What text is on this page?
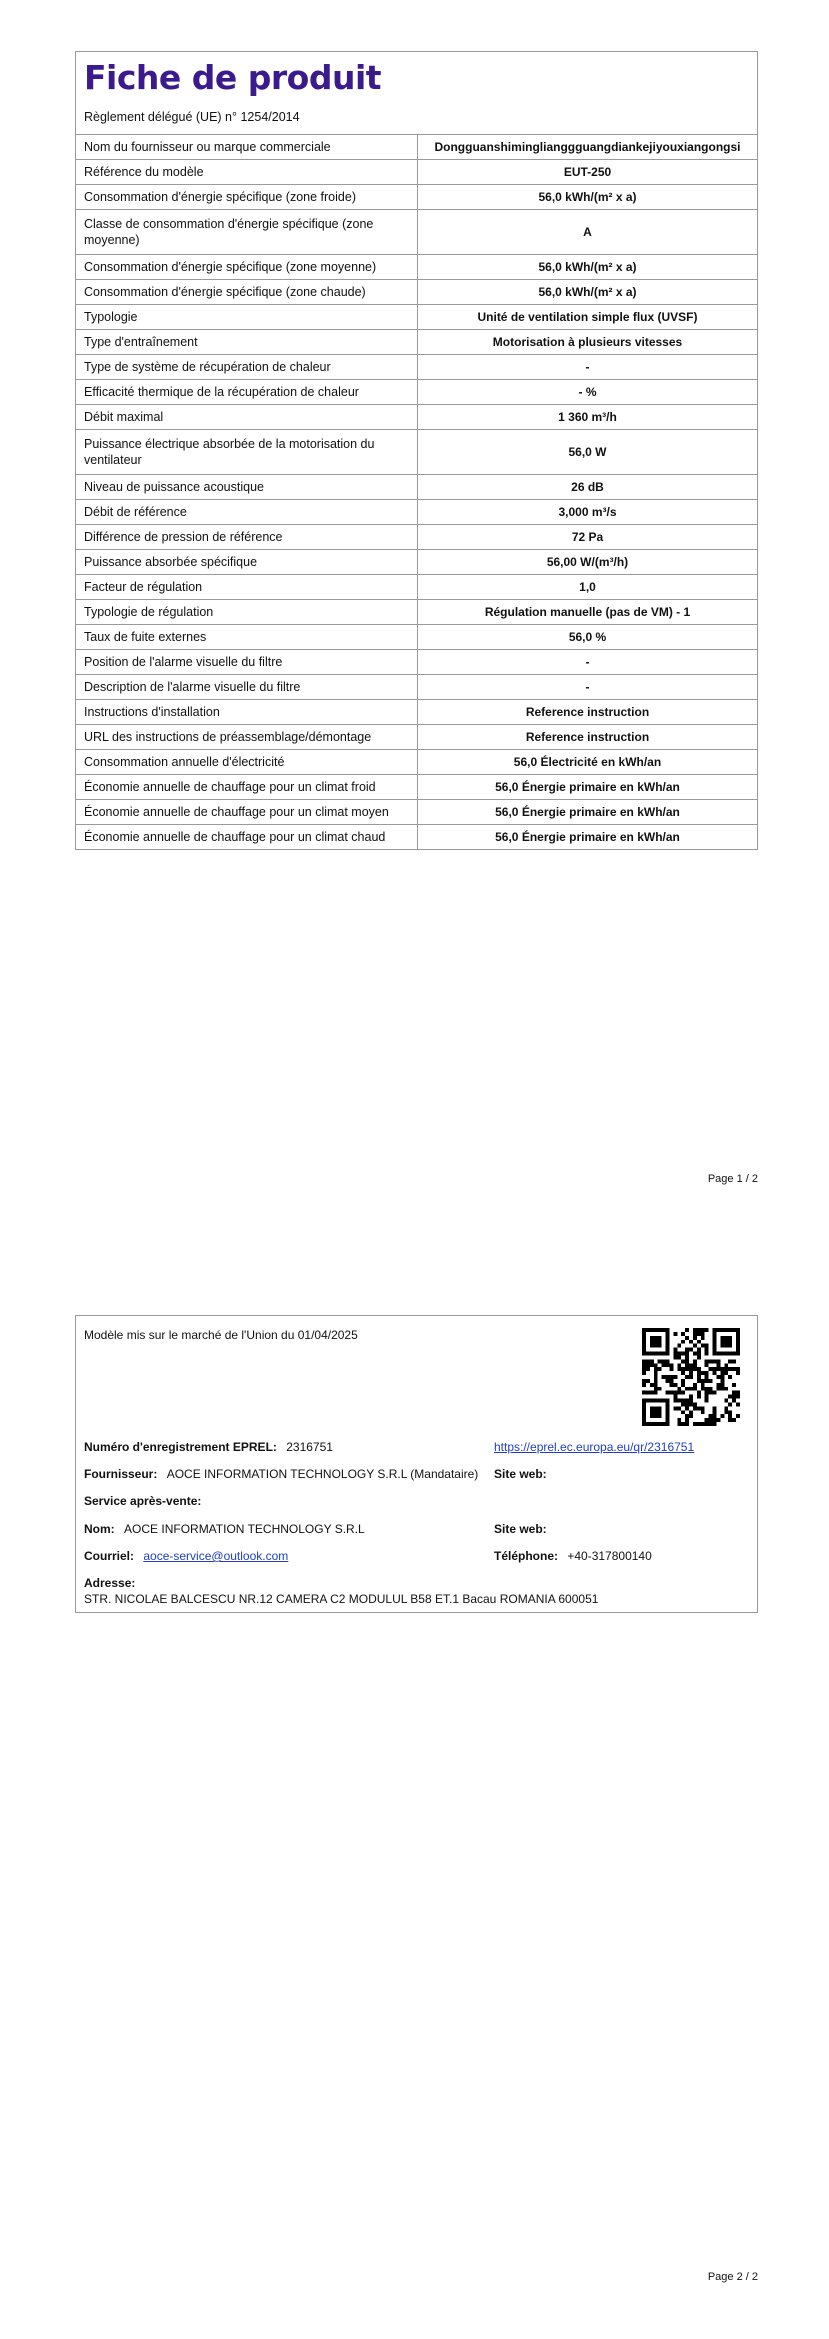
Fiche de produit
Règlement délégué (UE) n° 1254/2014
Nom du fournisseur ou marque commerciale	Dongguanshiminglianggguangdiankejiyouxiangongsi
Référence du modèle	EUT-250
Consommation d'énergie spécifique (zone froide)	56,0 kWh/(m² x a)
Classe de consommation d'énergie spécifique (zone moyenne)	A
Consommation d'énergie spécifique (zone moyenne)	56,0 kWh/(m² x a)
Consommation d'énergie spécifique (zone chaude)	56,0 kWh/(m² x a)
Typologie	Unité de ventilation simple flux (UVSF)
Type d'entraînement	Motorisation à plusieurs vitesses
Type de système de récupération de chaleur	-
Efficacité thermique de la récupération de chaleur	- %
Débit maximal	1 360 m³/h
Puissance électrique absorbée de la motorisation du ventilateur	56,0 W
Niveau de puissance acoustique	26 dB
Débit de référence	3,000 m³/s
Différence de pression de référence	72 Pa
Puissance absorbée spécifique	56,00 W/(m³/h)
Facteur de régulation	1,0
Typologie de régulation	Régulation manuelle (pas de VM) - 1
Taux de fuite externes	56,0 %
Position de l'alarme visuelle du filtre	-
Description de l'alarme visuelle du filtre	-
Instructions d'installation	Reference instruction
URL des instructions de préassemblage/démontage	Reference instruction
Consommation annuelle d'électricité	56,0 Électricité en kWh/an
Économie annuelle de chauffage pour un climat froid	56,0 Énergie primaire en kWh/an
Économie annuelle de chauffage pour un climat moyen	56,0 Énergie primaire en kWh/an
Économie annuelle de chauffage pour un climat chaud	56,0 Énergie primaire en kWh/an
Page 1 / 2
Modèle mis sur le marché de l'Union du 01/04/2025
Numéro d'enregistrement EPREL: 2316751	https://eprel.ec.europa.eu/qr/2316751
Fournisseur: AOCE INFORMATION TECHNOLOGY S.R.L (Mandataire) Site web:
Service après-vente:
Nom: AOCE INFORMATION TECHNOLOGY S.R.L	Site web:
Courriel: aoce-service@outlook.com	Téléphone: +40-317800140
Adresse:
STR. NICOLAE BALCESCU NR.12 CAMERA C2 MODULUL B58 ET.1 Bacau ROMANIA 600051
Page 2 / 2
